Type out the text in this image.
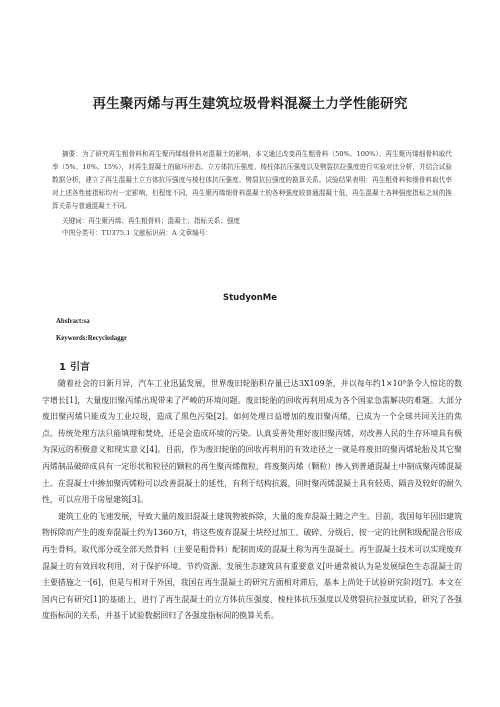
再生聚丙烯与再生建筑垃圾骨料混凝土力学性能研究

摘要：为了研究再生粗骨料和再生聚丙烯细骨料对混凝土的影响，本文通过改变再生粗骨料（50%、100%）、再生聚丙烯细骨料取代率（5%、10%、15%），对再生混凝土的破坏形态、立方体抗压强度、棱柱体抗压强度以及劈裂抗拉强度进行实验对比分析，并结合试验数据分析，建立了再生混凝土立方体抗压强度与棱柱体抗压强度、劈裂抗拉强度的换算关系。试验结果表明：再生粗骨料和细骨料取代率对上述各性能指标均有一定影响，但程度不同，再生聚丙烯细骨料混凝土的各种强度较普通混凝土低，再生混凝土各种强度指标之间的换算关系与普通混凝土不同。

关键词：再生聚丙烯；再生粗骨料；混凝土；指标关系；强度

中图分类号：TU375.1 文献标识码：A 文章编号：

StudyonMe
Absfract:sa
Keywords:Recycledaggr
1 引言

随着社会的日新月异，汽车工业迅猛发展，世界废旧轮胎积存量已达3X109条，并以每年约1×10⁹条令人惊诧的数字增长[1]，大量废旧聚丙烯出现带来了严峻的环境问题。废旧轮胎的回收再利用成为各个国家急需解决的难题。大部分废旧聚丙烯只能成为工业垃圾，造成了黑色污染[2]。如何处理日益增加的废旧聚丙烯，已成为一个全球共同关注的焦点。传统处理方法只能填埋和焚烧，还是会造成环境的污染。认真妥善处理好废旧聚丙烯，对改善人民的生存环境具有极为深远的积极意义和现实意义[4]。目前，作为废旧轮胎的回收再利用的有效途径之一就是将废旧的聚丙烯轮胎及其它聚丙烯制品破碎成具有一定形状和粒径的颗粒的再生聚丙烯微粒，将废聚丙烯（颗粒）掺入到普通混凝土中制成聚丙烯混凝土。在混凝土中掺加聚丙烯粉可以改善混凝土的延性，有利于结构抗震，同时聚丙烯混凝土具有轻质、隔音及较好的耐久性，可以应用于房屋建筑[3]。

建筑工业的飞速发展，导致大量的废旧混凝土建筑物被拆除，大量的废弃混凝土随之产生。目前，我国每年因旧建筑物拆除而产生的废弃混凝土约为1360万t，将这些废弃混凝土块经过加工、破碎、分级后，按一定的比例和级配混合形成再生骨料，取代部分或全部天然骨料（主要是粗骨料）配制而成的混凝土称为再生混凝土。再生混凝土技术可以实现废弃混凝土的有效回收利用，对于保护环境、节约资源、发展生态建筑具有重要意义[叶通常被认为是发展绿色生态混凝土的主要措施之一[6]，但是与相对于外国，我国在再生混凝土的研究方面相对滞后，基本上尚处于试验研究阶段[7]。本文在国内已有研究[1]的基础上，进行了再生混凝土的立方体抗压强度、棱柱体抗压强度以及劈裂抗拉强度试验，研究了各强度指标间的关系，并基于试验数据回归了各强度指标间的换算关系。
